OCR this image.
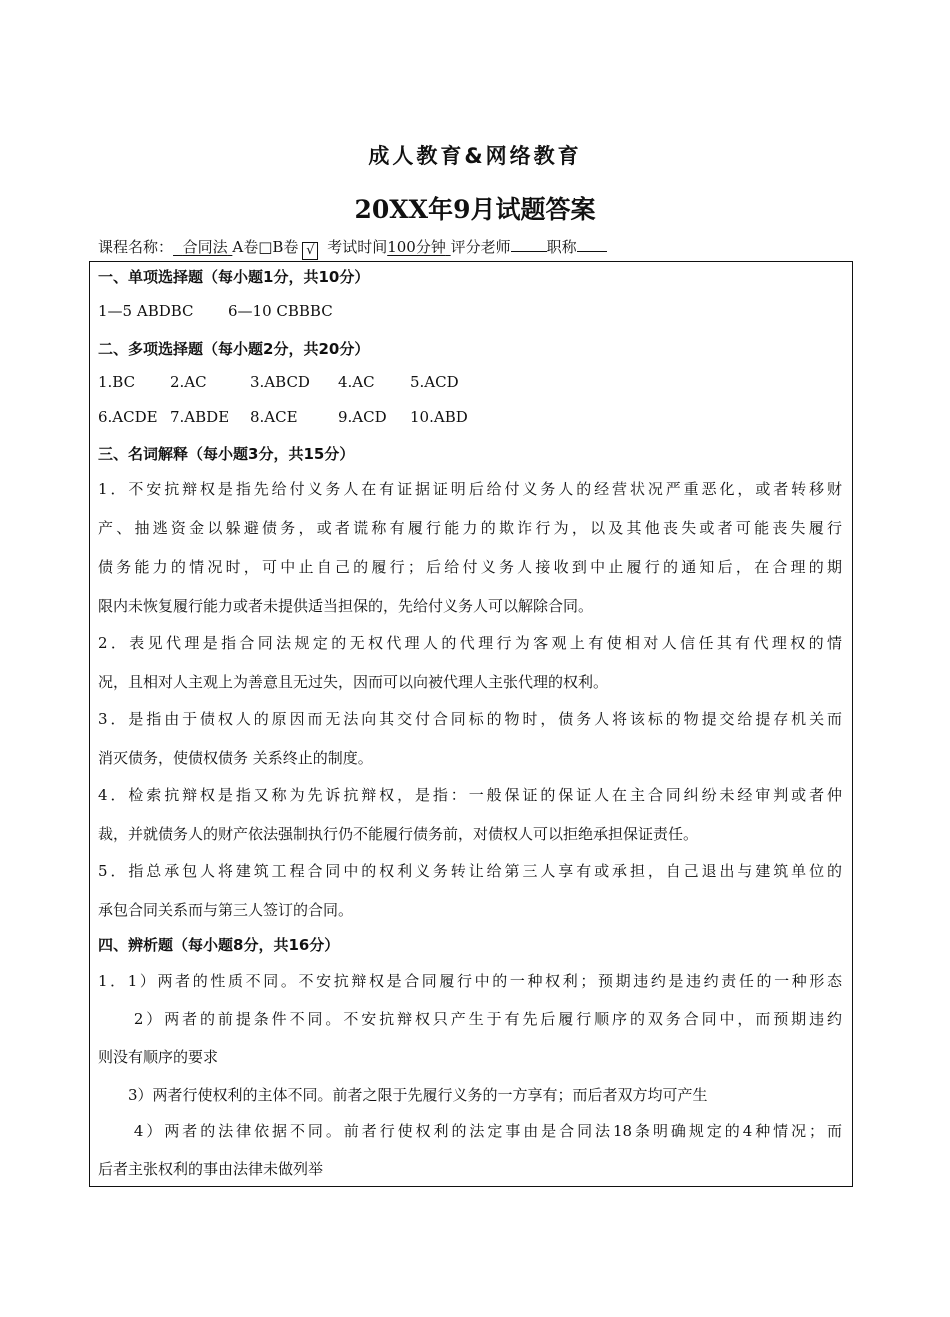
成人教育&网络教育
20XX年9月试题答案
课程名称： 合同法 A卷□B卷 √ 考试时间100分钟 评分老师 职称
一、单项选择题（每小题1分，共10分）
1—5 ABDBC 6—10 CBBBC
二、多项选择题（每小题2分，共20分）
1.BC 2.AC	3.ABCD 4.AC 5.ACD
6.ACDE 7.ABDE 8.ACE	9.ACD 10.ABD
三、名词解释（每小题3分，共15分）
1．不安抗辩权是指先给付义务人在有证据证明后给付义务人的经营状况严重恶化，或者转移财
产、抽逃资金以躲避债务，或者谎称有履行能力的欺诈行为，以及其他丧失或者可能丧失履行
债务能力的情况时，可中止自己的履行；后给付义务人接收到中止履行的通知后，在合理的期
限内未恢复履行能力或者未提供适当担保的，先给付义务人可以解除合同。
2．表见代理是指合同法规定的无权代理人的代理行为客观上有使相对人信任其有代理权的情
况，且相对人主观上为善意且无过失，因而可以向被代理人主张代理的权利。
3．是指由于债权人的原因而无法向其交付合同标的物时，债务人将该标的物提交给提存机关而
消灭债务，使债权债务 关系终止的制度。
4．检索抗辩权是指又称为先诉抗辩权，是指：一般保证的保证人在主合同纠纷未经审判或者仲
裁，并就债务人的财产依法强制执行仍不能履行债务前，对债权人可以拒绝承担保证责任。
5．指总承包人将建筑工程合同中的权利义务转让给第三人享有或承担，自己退出与建筑单位的
承包合同关系而与第三人签订的合同。
四、辨析题（每小题8分，共16分）
1．1）两者的性质不同。不安抗辩权是合同履行中的一种权利；预期违约是违约责任的一种形态
　　2）两者的前提条件不同。不安抗辩权只产生于有先后履行顺序的双务合同中，而预期违约
则没有顺序的要求
　　3）两者行使权利的主体不同。前者之限于先履行义务的一方享有；而后者双方均可产生
　　4）两者的法律依据不同。前者行使权利的法定事由是合同法18条明确规定的4种情况；而
后者主张权利的事由法律未做列举
